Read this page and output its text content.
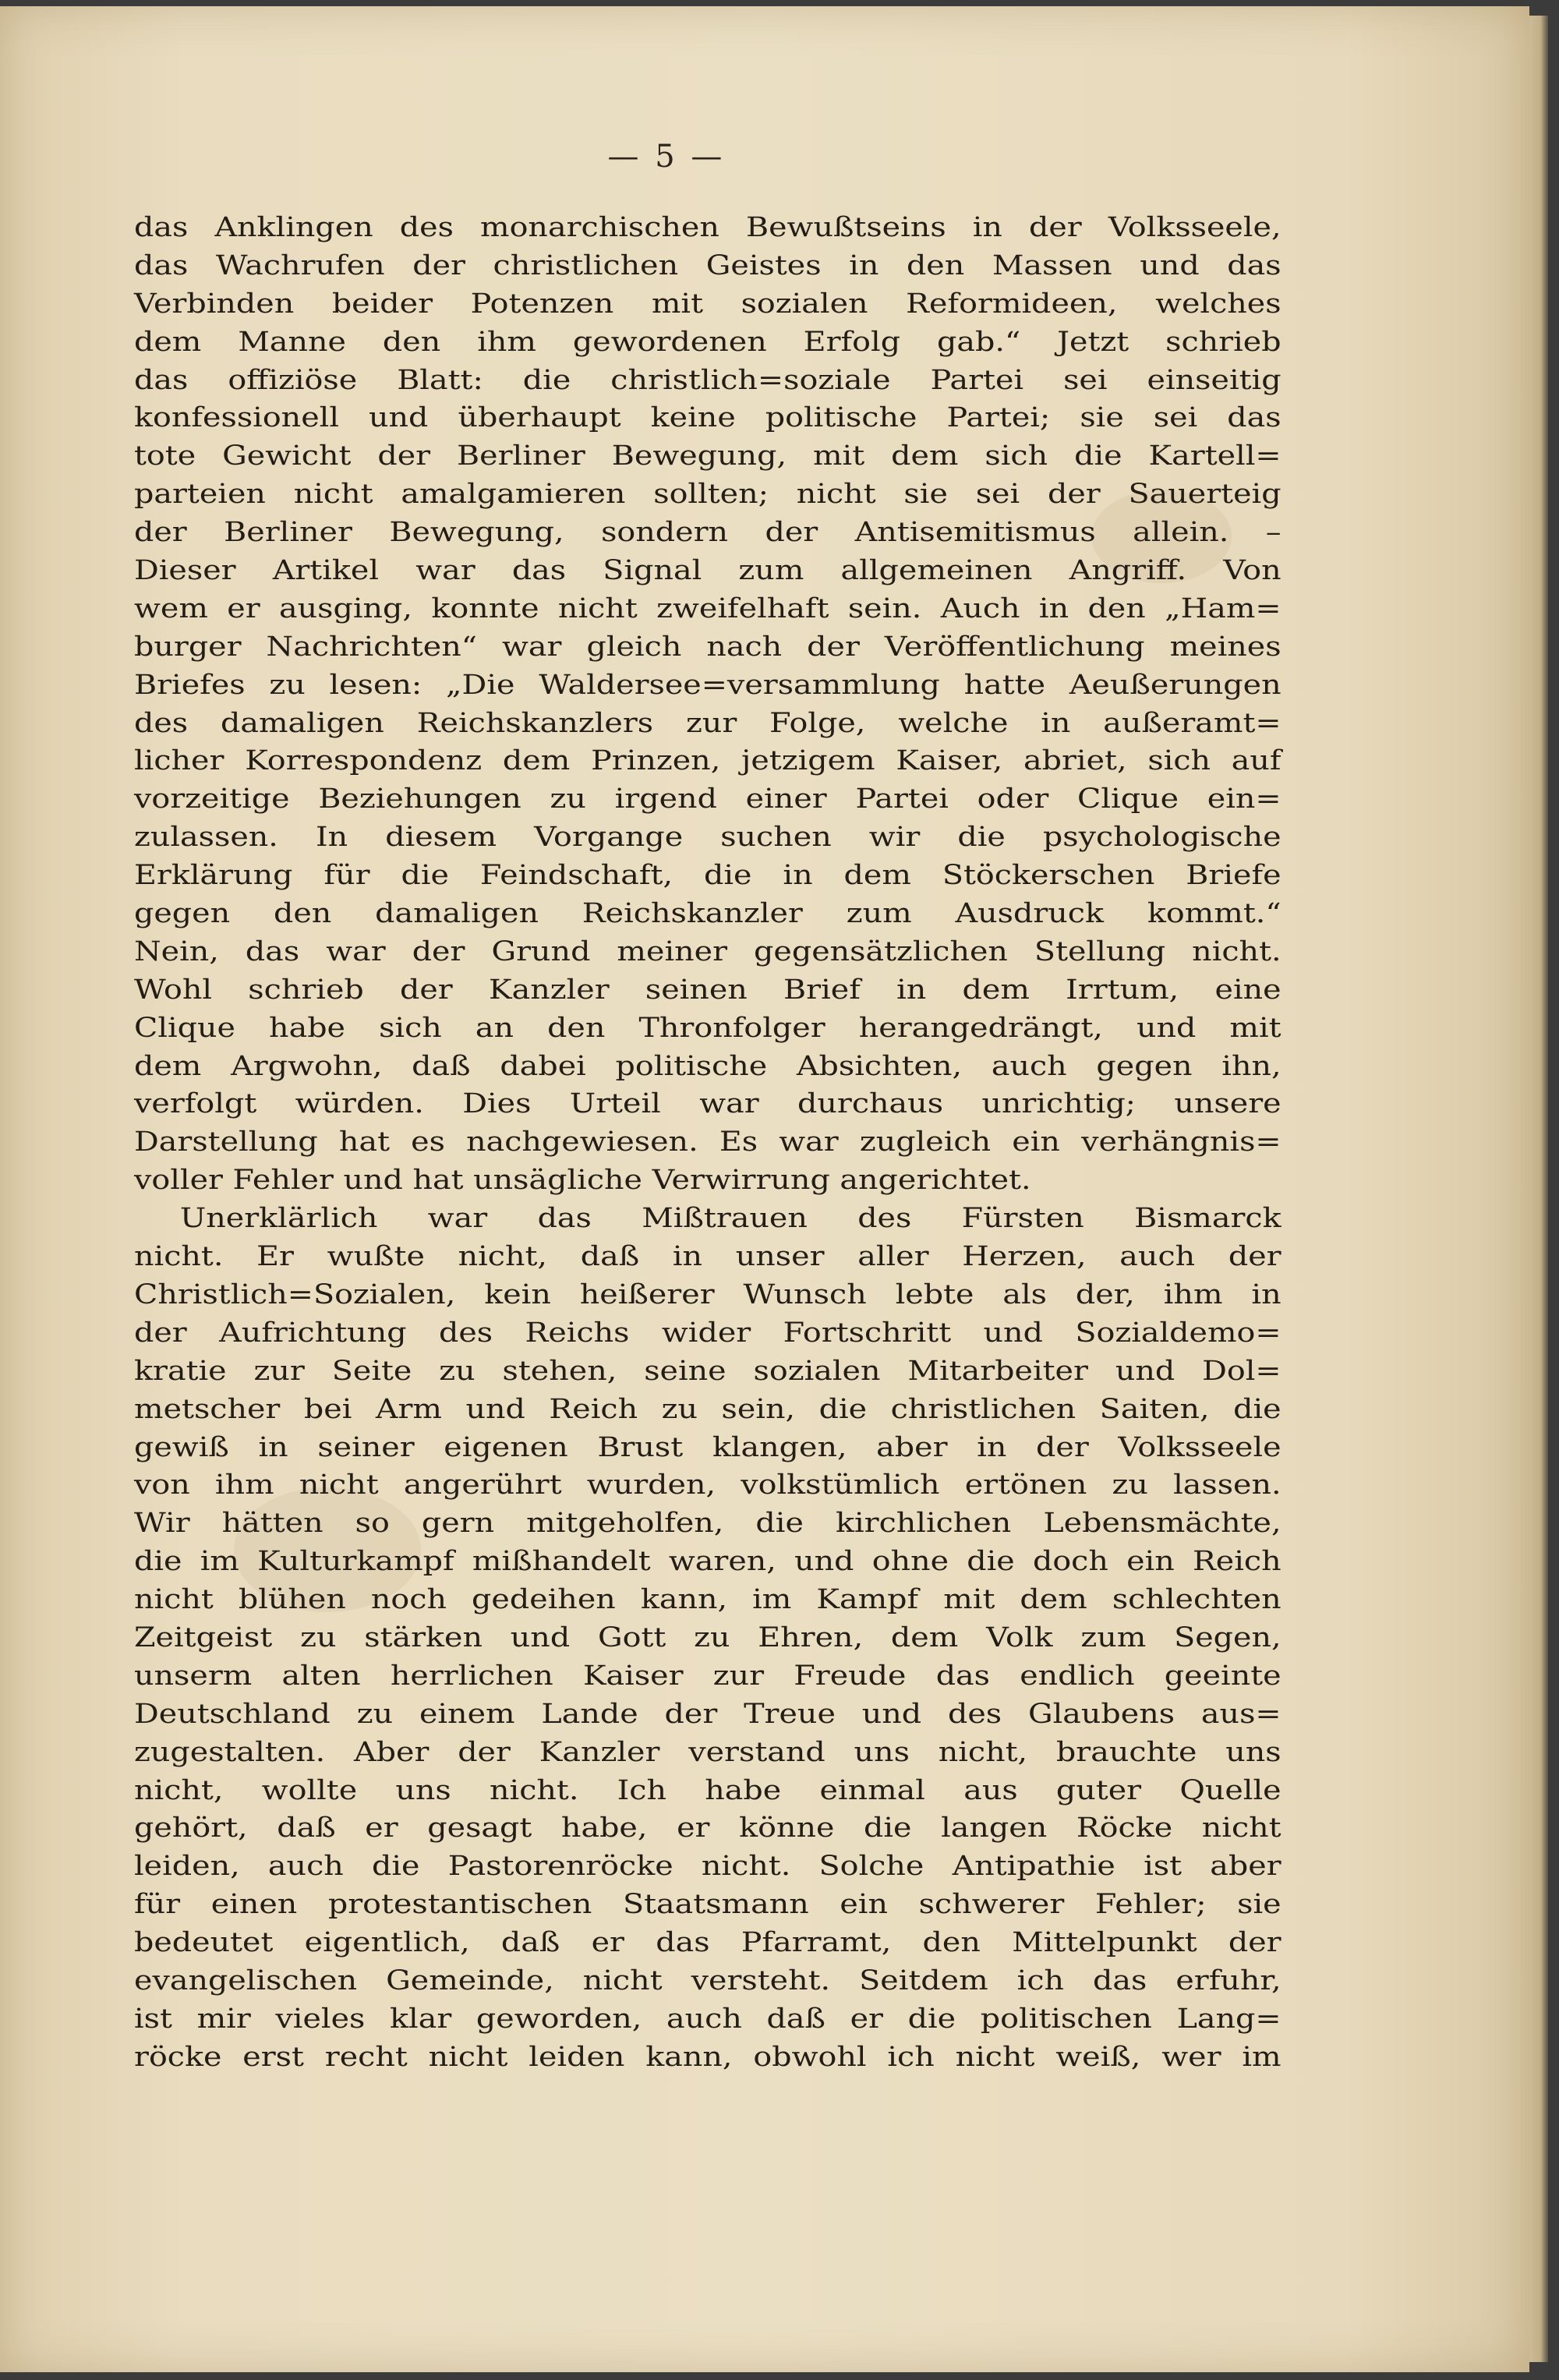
— 5 —
das Anklingen des monarchischen Bewußtseins in der Volksseele,
das Wachrufen der christlichen Geistes in den Massen und das
Verbinden beider Potenzen mit sozialen Reformideen, welches
dem Manne den ihm gewordenen Erfolg gab.“ Jetzt schrieb
das offiziöse Blatt: die christlich=soziale Partei sei einseitig
konfessionell und überhaupt keine politische Partei; sie sei das
tote Gewicht der Berliner Bewegung, mit dem sich die Kartell=
parteien nicht amalgamieren sollten; nicht sie sei der Sauerteig
der Berliner Bewegung, sondern der Antisemitismus allein. –
Dieser Artikel war das Signal zum allgemeinen Angriff. Von
wem er ausging, konnte nicht zweifelhaft sein. Auch in den „Ham=
burger Nachrichten“ war gleich nach der Veröffentlichung meines
Briefes zu lesen: „Die Waldersee=versammlung hatte Aeußerungen
des damaligen Reichskanzlers zur Folge, welche in außeramt=
licher Korrespondenz dem Prinzen, jetzigem Kaiser, abriet, sich auf
vorzeitige Beziehungen zu irgend einer Partei oder Clique ein=
zulassen. In diesem Vorgange suchen wir die psychologische
Erklärung für die Feindschaft, die in dem Stöckerschen Briefe
gegen den damaligen Reichskanzler zum Ausdruck kommt.“
Nein, das war der Grund meiner gegensätzlichen Stellung nicht.
Wohl schrieb der Kanzler seinen Brief in dem Irrtum, eine
Clique habe sich an den Thronfolger herangedrängt, und mit
dem Argwohn, daß dabei politische Absichten, auch gegen ihn,
verfolgt würden. Dies Urteil war durchaus unrichtig; unsere
Darstellung hat es nachgewiesen. Es war zugleich ein verhängnis=
voller Fehler und hat unsägliche Verwirrung angerichtet.
Unerklärlich war das Mißtrauen des Fürsten Bismarck
nicht. Er wußte nicht, daß in unser aller Herzen, auch der
Christlich=Sozialen, kein heißerer Wunsch lebte als der, ihm in
der Aufrichtung des Reichs wider Fortschritt und Sozialdemo=
kratie zur Seite zu stehen, seine sozialen Mitarbeiter und Dol=
metscher bei Arm und Reich zu sein, die christlichen Saiten, die
gewiß in seiner eigenen Brust klangen, aber in der Volksseele
von ihm nicht angerührt wurden, volkstümlich ertönen zu lassen.
Wir hätten so gern mitgeholfen, die kirchlichen Lebensmächte,
die im Kulturkampf mißhandelt waren, und ohne die doch ein Reich
nicht blühen noch gedeihen kann, im Kampf mit dem schlechten
Zeitgeist zu stärken und Gott zu Ehren, dem Volk zum Segen,
unserm alten herrlichen Kaiser zur Freude das endlich geeinte
Deutschland zu einem Lande der Treue und des Glaubens aus=
zugestalten. Aber der Kanzler verstand uns nicht, brauchte uns
nicht, wollte uns nicht. Ich habe einmal aus guter Quelle
gehört, daß er gesagt habe, er könne die langen Röcke nicht
leiden, auch die Pastorenröcke nicht. Solche Antipathie ist aber
für einen protestantischen Staatsmann ein schwerer Fehler; sie
bedeutet eigentlich, daß er das Pfarramt, den Mittelpunkt der
evangelischen Gemeinde, nicht versteht. Seitdem ich das erfuhr,
ist mir vieles klar geworden, auch daß er die politischen Lang=
röcke erst recht nicht leiden kann, obwohl ich nicht weiß, wer im
